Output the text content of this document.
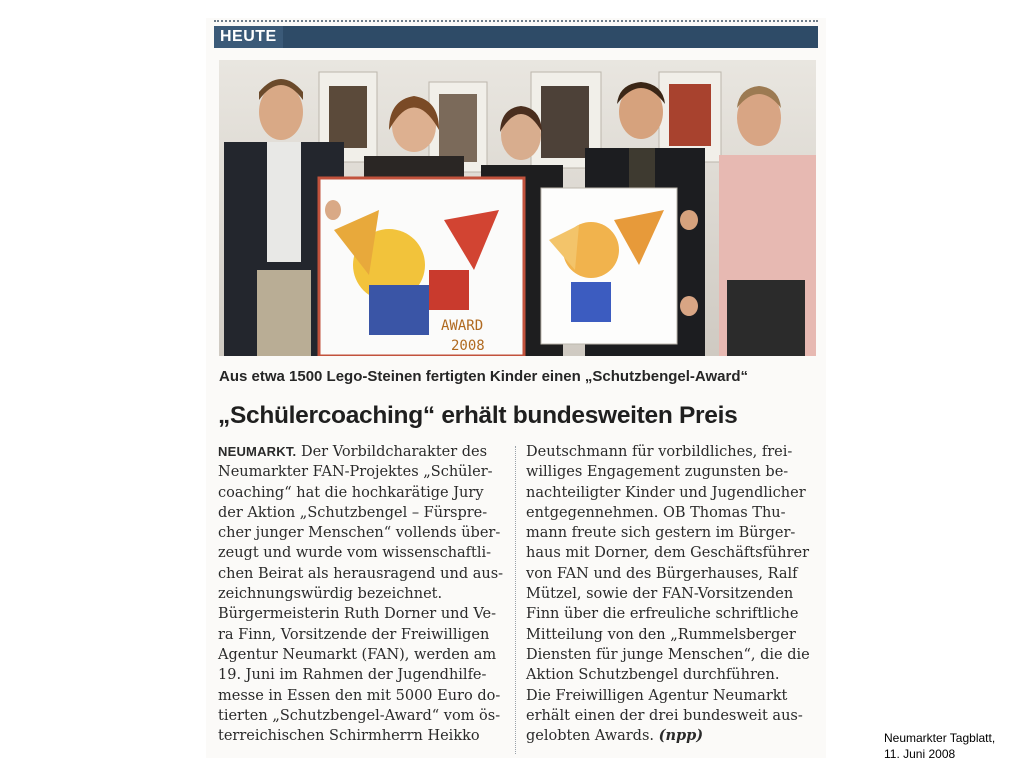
HEUTE
AWARD
2008
Aus etwa 1500 Lego-Steinen fertigten Kinder einen „Schutzbengel-Award“
„Schülercoaching“ erhält bundesweiten Preis
NEUMARKT. Der Vorbildcharakter des
Neumarkter FAN-Projektes „Schüler-
coaching“ hat die hochkarätige Jury
der Aktion „Schutzbengel – Fürspre-
cher junger Menschen“ vollends über-
zeugt und wurde vom wissenschaftli-
chen Beirat als herausragend und aus-
zeichnungswürdig bezeichnet.
Bürgermeisterin Ruth Dorner und Ve-
ra Finn, Vorsitzende der Freiwilligen
Agentur Neumarkt (FAN), werden am
19. Juni im Rahmen der Jugendhilfe-
messe in Essen den mit 5000 Euro do-
tierten „Schutzbengel-Award“ vom ös-
terreichischen Schirmherrn Heikko
Deutschmann für vorbildliches, frei-
williges Engagement zugunsten be-
nachteiligter Kinder und Jugendlicher
entgegennehmen. OB Thomas Thu-
mann freute sich gestern im Bürger-
haus mit Dorner, dem Geschäftsführer
von FAN und des Bürgerhauses, Ralf
Mützel, sowie der FAN-Vorsitzenden
Finn über die erfreuliche schriftliche
Mitteilung von den „Rummelsberger
Diensten für junge Menschen“, die die
Aktion Schutzbengel durchführen.
Die Freiwilligen Agentur Neumarkt
erhält einen der drei bundesweit aus-
gelobten Awards. (npp)	Neumarkter Tagblatt,
11. Juni 2008
